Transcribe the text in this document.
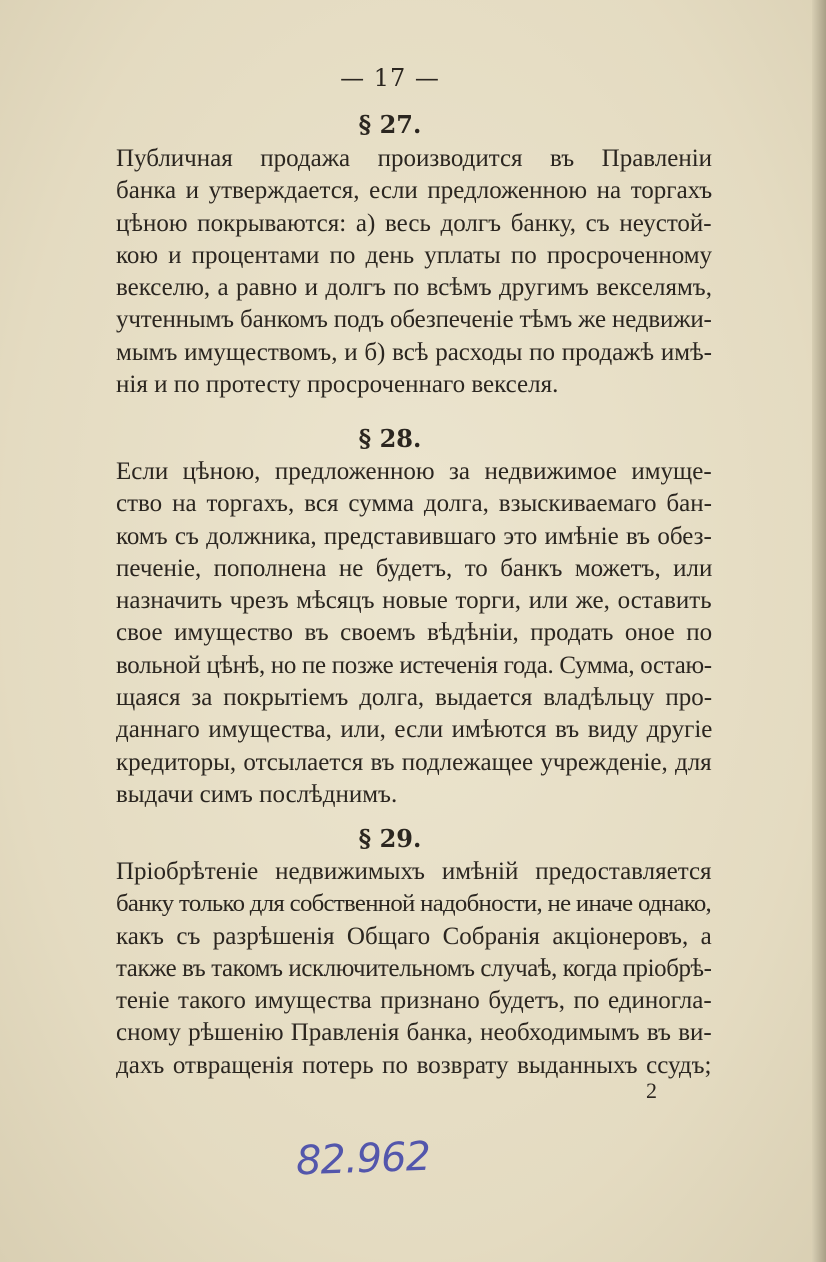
— 17 —
§ 27.
Публичная продажа производится въ Правленіи
банка и утверждается, если предложенною на торгахъ
цѣною покрываются: а) весь долгъ банку, съ неустой-
кою и процентами по день уплаты по просроченному
векселю, а равно и долгъ по всѣмъ другимъ векселямъ,
учтеннымъ банкомъ подъ обезпеченіе тѣмъ же недвижи-
мымъ имуществомъ, и б) всѣ расходы по продажѣ имѣ-
нія и по протесту просроченнаго векселя.
§ 28.
Если цѣною, предложенною за недвижимое имуще-
ство на торгахъ, вся сумма долга, взыскиваемаго бан-
комъ съ должника, представившаго это имѣніе въ обез-
печеніе, пополнена не будетъ, то банкъ можетъ, или
назначить чрезъ мѣсяцъ новые торги, или же, оставить
свое имущество въ своемъ вѣдѣніи, продать оное по
вольной цѣнѣ, но пе позже истеченія года. Сумма, остаю-
щаяся за покрытіемъ долга, выдается владѣльцу про-
даннаго имущества, или, если имѣются въ виду другіе
кредиторы, отсылается въ подлежащее учрежденіе, для
выдачи симъ послѣднимъ.
§ 29.
Пріобрѣтеніе недвижимыхъ имѣній предоставляется
банку только для собственной надобности, не иначе однако,
какъ съ разрѣшенія Общаго Собранія акціонеровъ, а
также въ такомъ исключительномъ случаѣ, когда пріобрѣ-
теніе такого имущества признано будетъ, по единогла-
сному рѣшенію Правленія банка, необходимымъ въ ви-
дахъ отвращенія потерь по возврату выданныхъ ссудъ;
2
82.962
